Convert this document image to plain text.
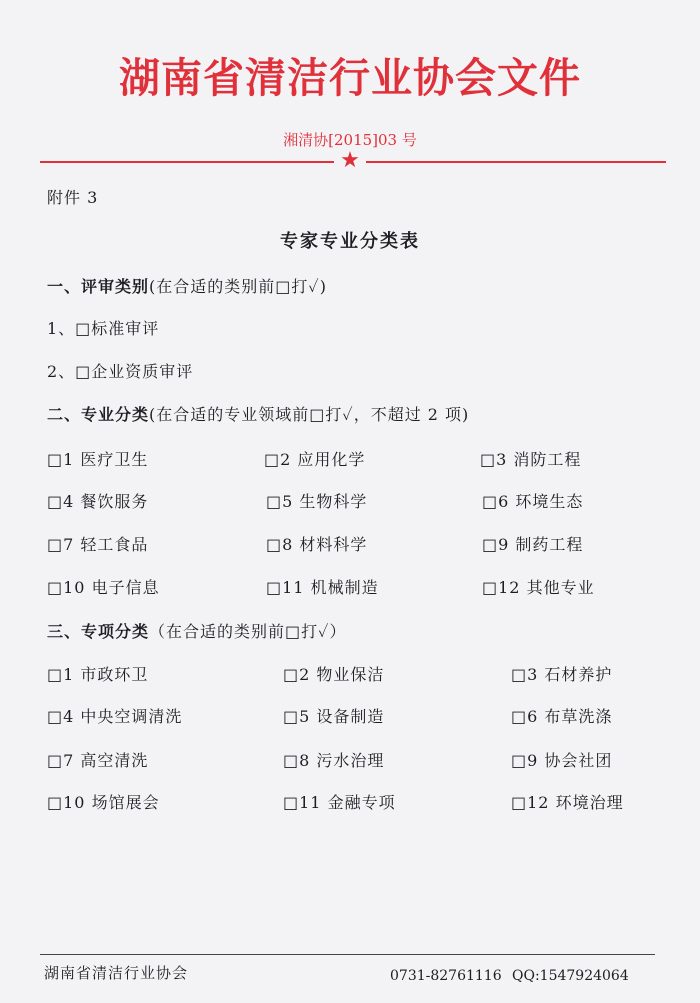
湖南省清洁行业协会文件
湘清协[2015]03 号
★
附件 3
专家专业分类表
一、评审类别(在合适的类别前□打✓)
1、□标准审评
2、□企业资质审评
二、专业分类(在合适的专业领域前□打✓，不超过 2 项)
□1 医疗卫生	□2 应用化学	□3 消防工程
□4 餐饮服务	□5 生物科学	□6 环境生态
□7 轻工食品	□8 材料科学	□9 制药工程
□10 电子信息	□11 机械制造	□12 其他专业
三、专项分类（在合适的类别前□打✓）
□1 市政环卫	□2 物业保洁	□3 石材养护
□4 中央空调清洗	□5 设备制造	□6 布草洗涤
□7 高空清洗	□8 污水治理	□9 协会社团
□10 场馆展会	□11 金融专项	□12 环境治理
湖南省清洁行业协会	0731-82761116 QQ:1547924064
